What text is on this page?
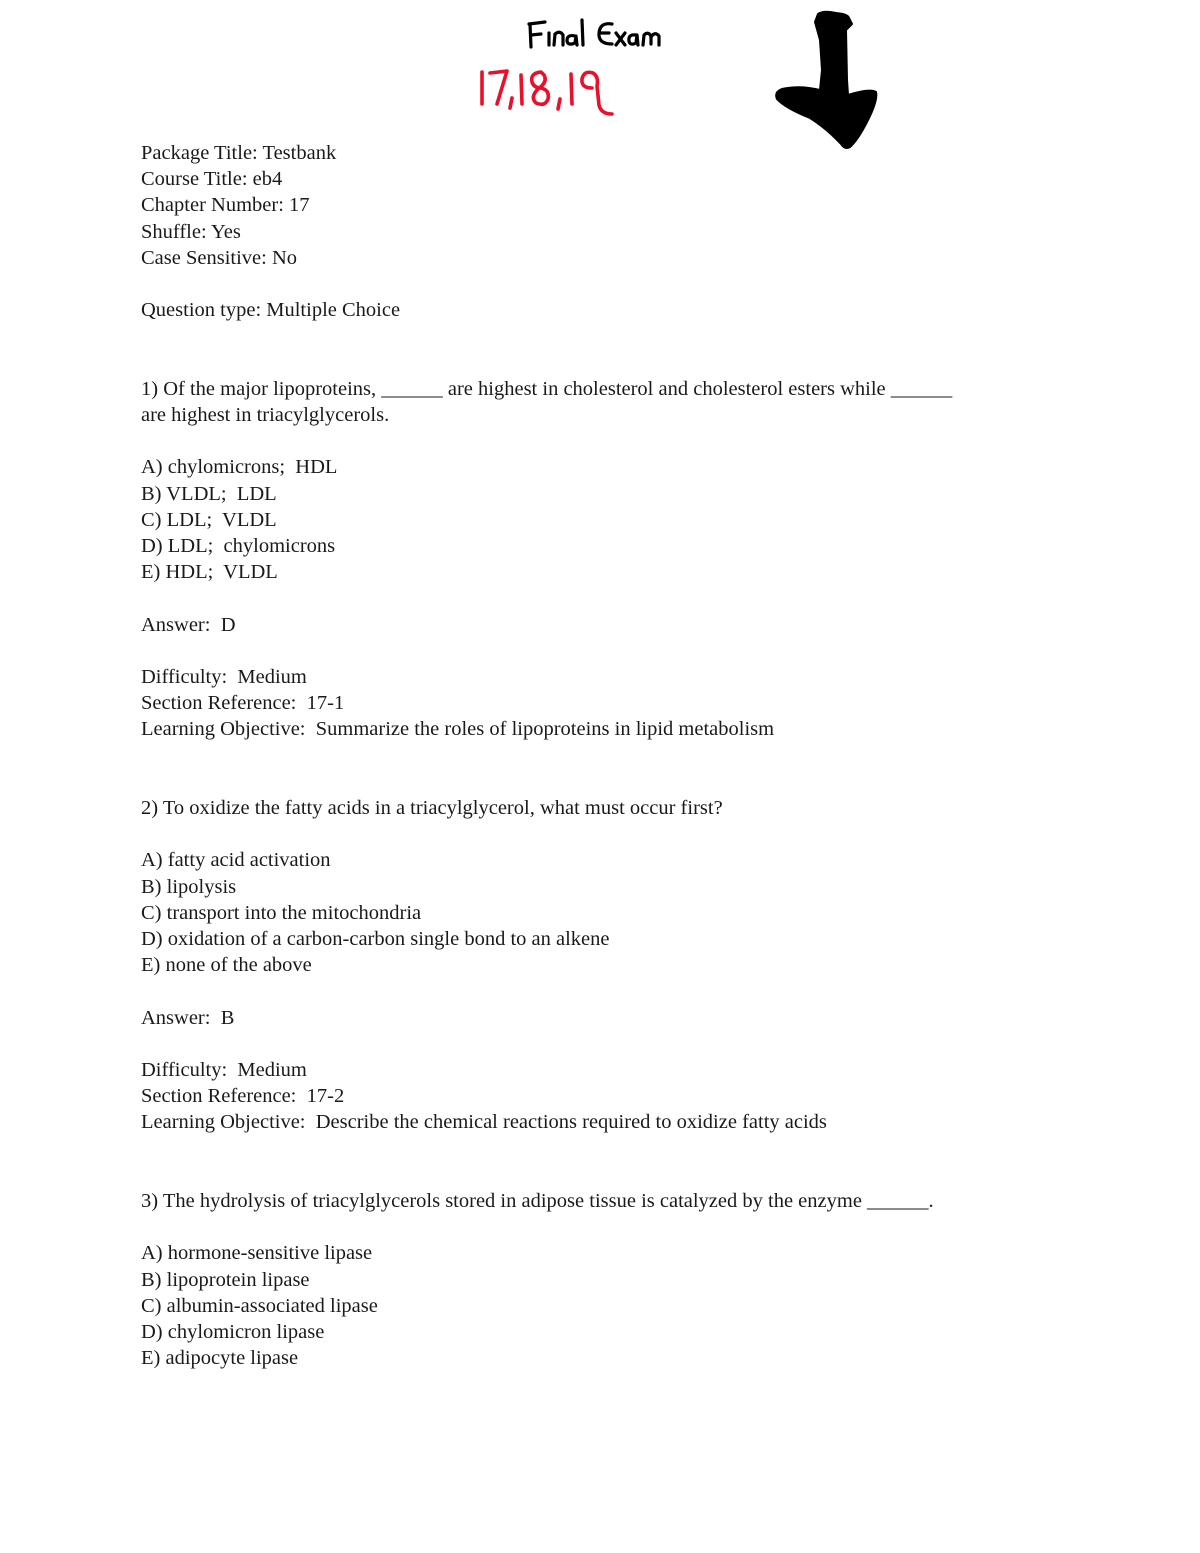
Package Title: Testbank
Course Title: eb4
Chapter Number: 17
Shuffle: Yes
Case Sensitive: No
Question type: Multiple Choice
1) Of the major lipoproteins, ______ are highest in cholesterol and cholesterol esters while ______
are highest in triacylglycerols.
A) chylomicrons;  HDL
B) VLDL;  LDL
C) LDL;  VLDL
D) LDL;  chylomicrons
E) HDL;  VLDL
Answer:  D
Difficulty:  Medium
Section Reference:  17-1
Learning Objective:  Summarize the roles of lipoproteins in lipid metabolism
2) To oxidize the fatty acids in a triacylglycerol, what must occur first?
A) fatty acid activation
B) lipolysis
C) transport into the mitochondria
D) oxidation of a carbon-carbon single bond to an alkene
E) none of the above
Answer:  B
Difficulty:  Medium
Section Reference:  17-2
Learning Objective:  Describe the chemical reactions required to oxidize fatty acids
3) The hydrolysis of triacylglycerols stored in adipose tissue is catalyzed by the enzyme ______.
A) hormone-sensitive lipase
B) lipoprotein lipase
C) albumin-associated lipase
D) chylomicron lipase
E) adipocyte lipase
